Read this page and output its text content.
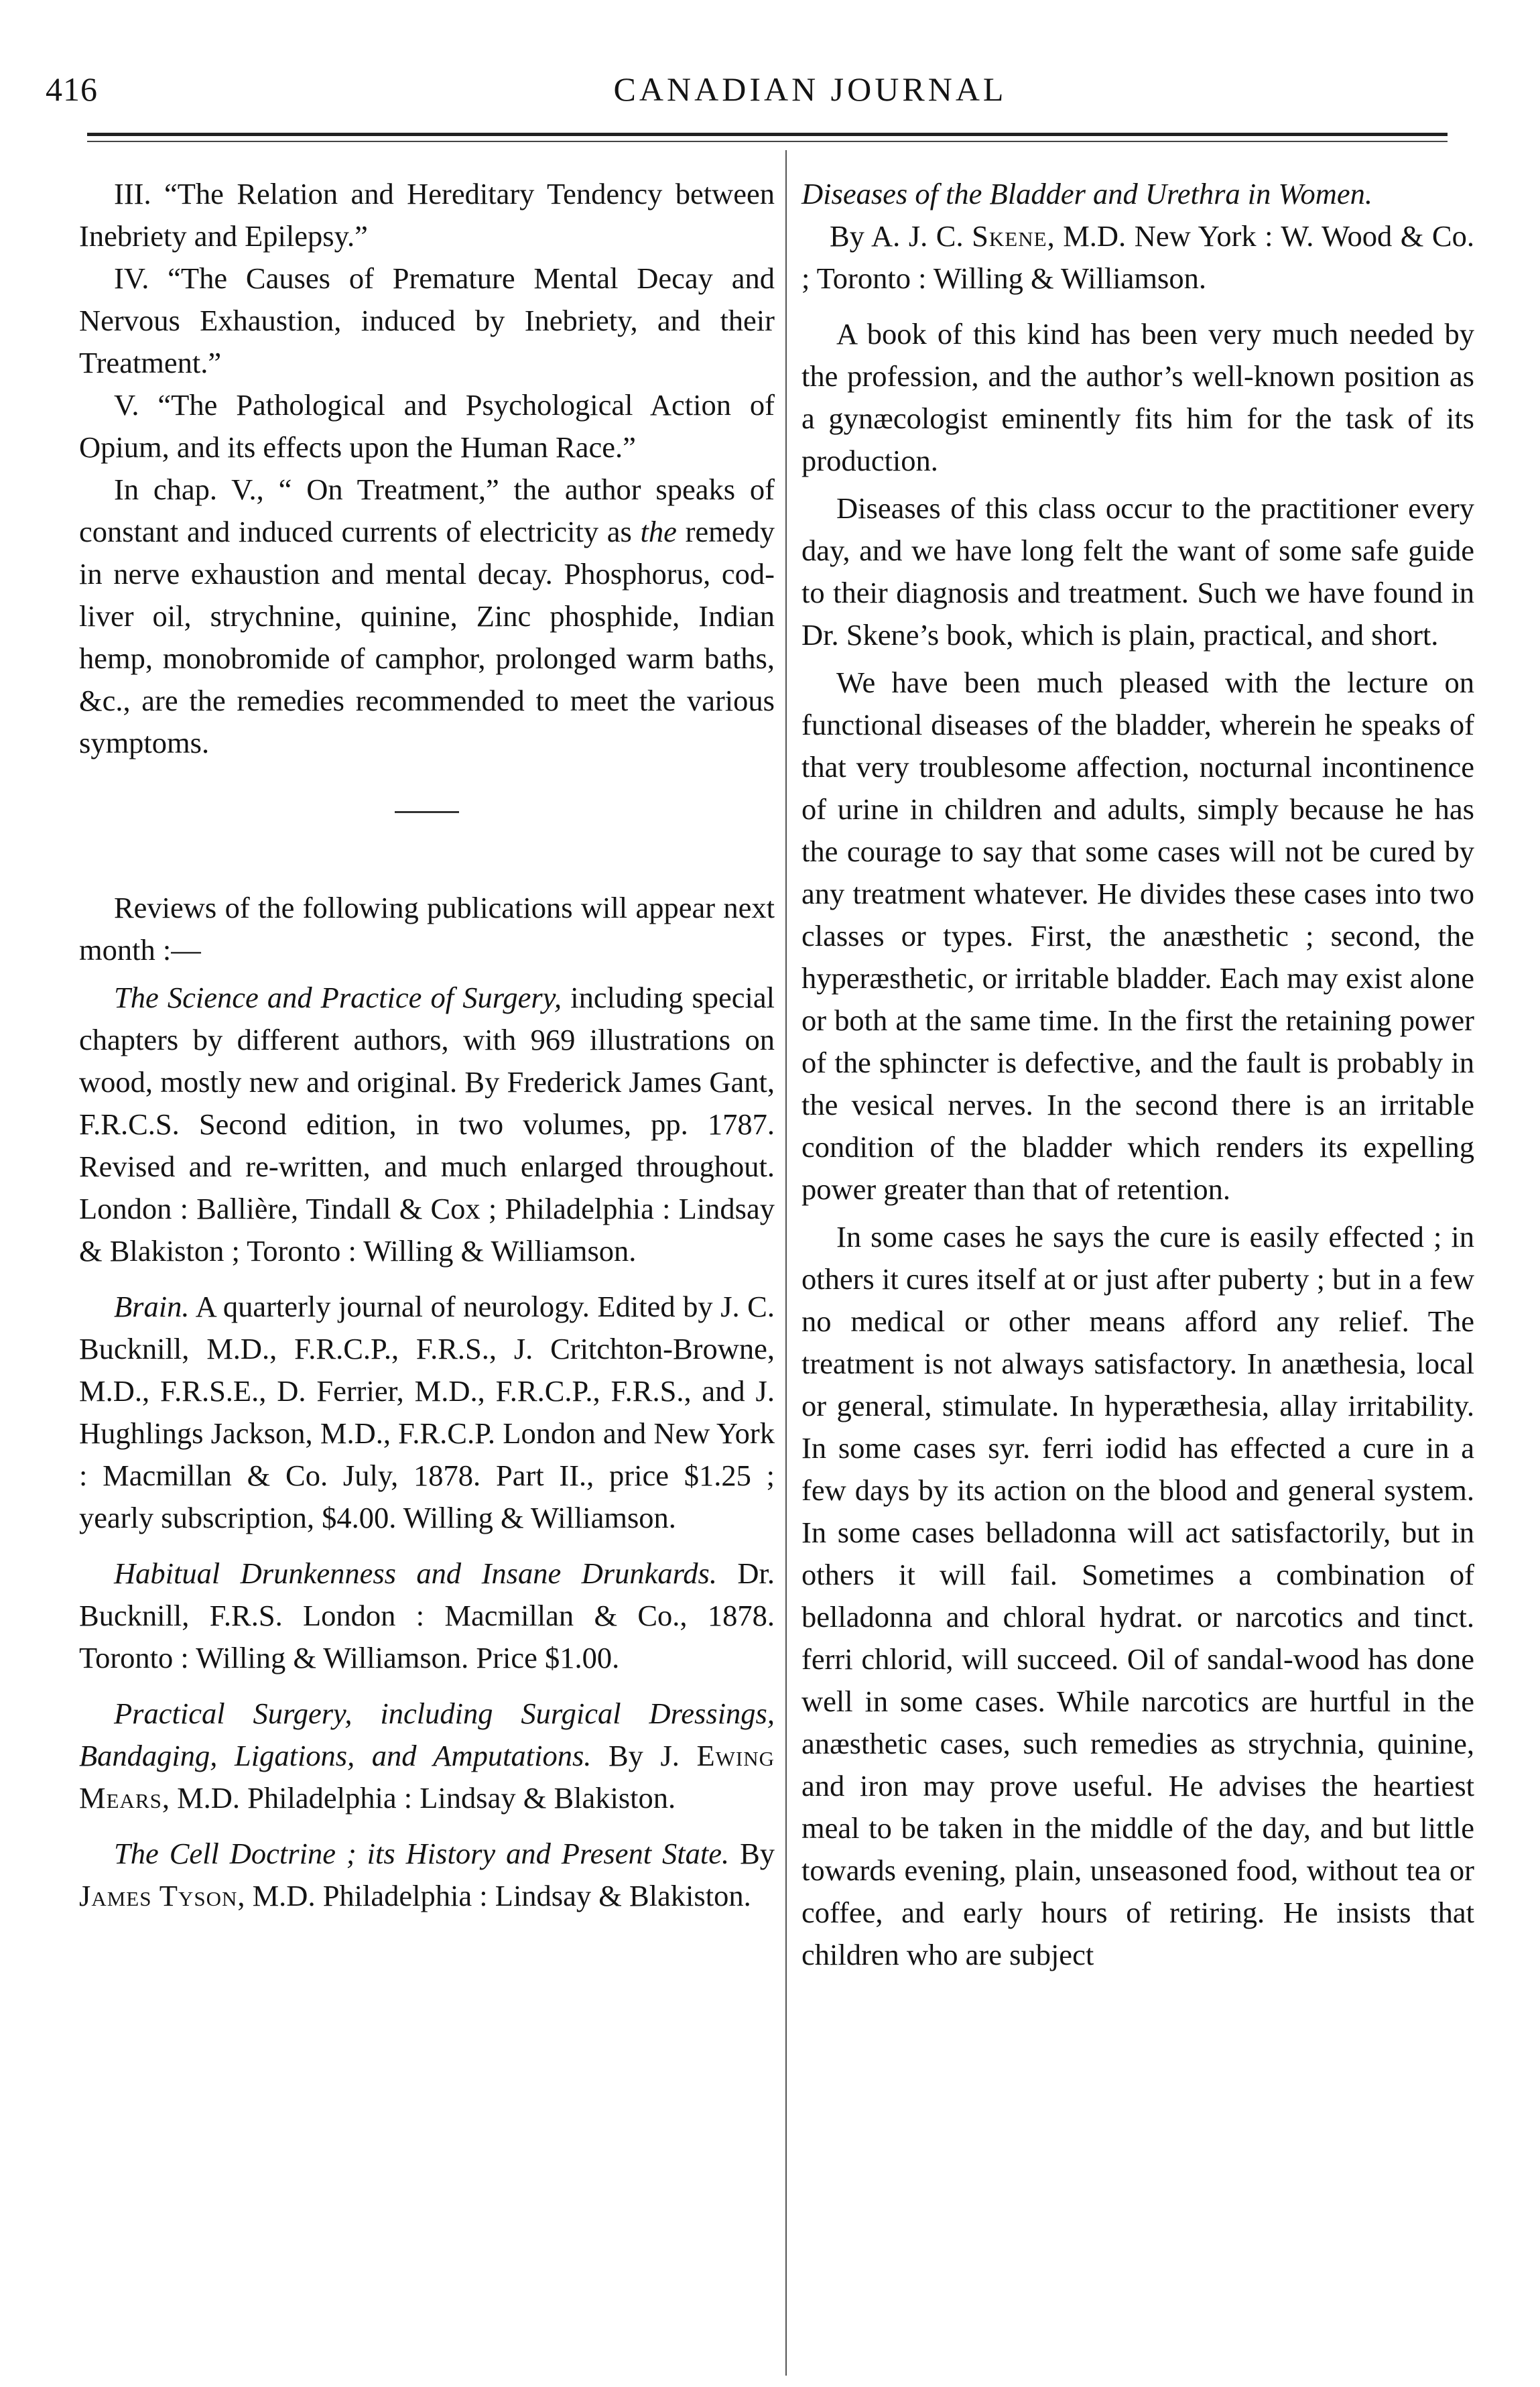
416	CANADIAN JOURNAL

III. “The Relation and Hereditary Tendency between Inebriety and Epilepsy.”

IV. “The Causes of Premature Mental Decay and Nervous Exhaustion, induced by Inebriety, and their Treatment.”

V. “The Pathological and Psychological Action of Opium, and its effects upon the Human Race.”

In chap. V., “ On Treatment,” the author speaks of constant and induced currents of electricity as the remedy in nerve exhaustion and mental decay. Phosphorus, cod-liver oil, strychnine, quinine, Zinc phosphide, Indian hemp, monobromide of camphor, prolonged warm baths, &c., are the remedies recommended to meet the various symptoms.

Reviews of the following publications will appear next month :—

The Science and Practice of Surgery, including special chapters by different authors, with 969 illustrations on wood, mostly new and original. By Frederick James Gant, F.R.C.S. Second edition, in two volumes, pp. 1787. Revised and re-written, and much enlarged throughout. London : Ballière, Tindall & Cox ; Philadelphia : Lindsay & Blakiston ; Toronto : Willing & Williamson.

Brain. A quarterly journal of neurology. Edited by J. C. Bucknill, M.D., F.R.C.P., F.R.S., J. Critchton-Browne, M.D., F.R.S.E., D. Ferrier, M.D., F.R.C.P., F.R.S., and J. Hughlings Jackson, M.D., F.R.C.P. London and New York : Macmillan & Co. July, 1878. Part II., price $1.25 ; yearly subscription, $4.00. Willing & Williamson.

Habitual Drunkenness and Insane Drunkards. Dr. Bucknill, F.R.S. London : Macmillan & Co., 1878. Toronto : Willing & Williamson. Price $1.00.

Practical Surgery, including Surgical Dressings, Bandaging, Ligations, and Amputations. By J. Ewing Mears, M.D. Philadelphia : Lindsay & Blakiston.

The Cell Doctrine ; its History and Present State. By James Tyson, M.D. Philadelphia : Lindsay & Blakiston.

Diseases of the Bladder and Urethra in Women.
By A. J. C. Skene, M.D. New York : W. Wood & Co. ; Toronto : Willing & Williamson.

A book of this kind has been very much needed by the profession, and the author’s well-known position as a gynæcologist eminently fits him for the task of its production.

Diseases of this class occur to the practitioner every day, and we have long felt the want of some safe guide to their diagnosis and treatment. Such we have found in Dr. Skene’s book, which is plain, practical, and short.

We have been much pleased with the lecture on functional diseases of the bladder, wherein he speaks of that very troublesome affection, nocturnal incontinence of urine in children and adults, simply because he has the courage to say that some cases will not be cured by any treatment whatever. He divides these cases into two classes or types. First, the anæsthetic ; second, the hyperæsthetic, or irritable bladder. Each may exist alone or both at the same time. In the first the retaining power of the sphincter is defective, and the fault is probably in the vesical nerves. In the second there is an irritable condition of the bladder which renders its expelling power greater than that of retention.

In some cases he says the cure is easily effected ; in others it cures itself at or just after puberty ; but in a few no medical or other means afford any relief. The treatment is not always satisfactory. In anæthesia, local or general, stimulate. In hyperæthesia, allay irritability. In some cases syr. ferri iodid has effected a cure in a few days by its action on the blood and general system. In some cases belladonna will act satisfactorily, but in others it will fail. Sometimes a combination of belladonna and chloral hydrat. or narcotics and tinct. ferri chlorid, will succeed. Oil of sandal-wood has done well in some cases. While narcotics are hurtful in the anæsthetic cases, such remedies as strychnia, quinine, and iron may prove useful. He advises the heartiest meal to be taken in the middle of the day, and but little towards evening, plain, unseasoned food, without tea or coffee, and early hours of retiring. He insists that children who are subject
